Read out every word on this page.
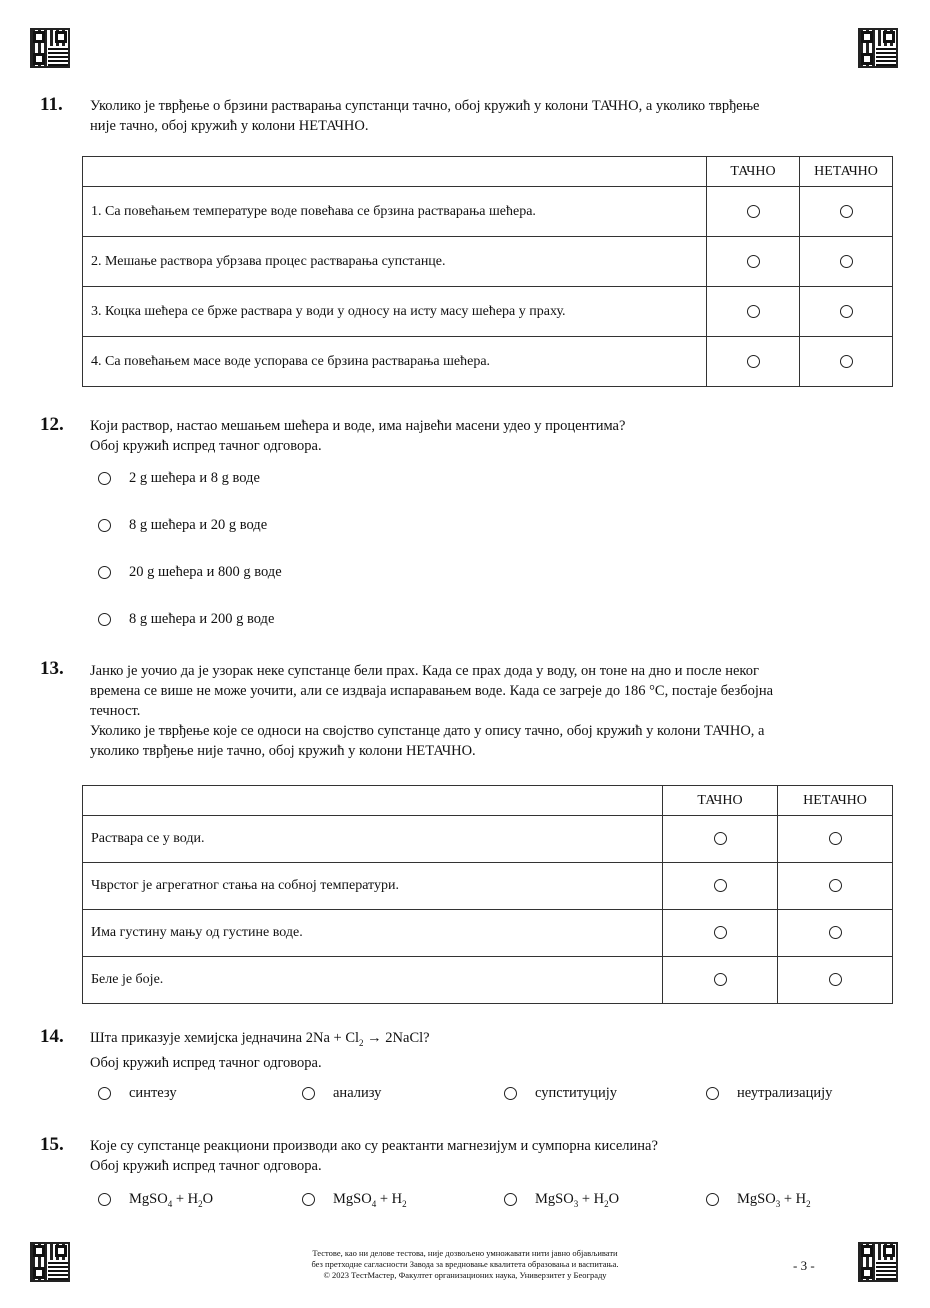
11. Уколико је тврђење о брзини растварања супстанци тачно, обој кружић у колони ТАЧНО, а уколико тврђење
није тачно, обој кружић у колони НЕТАЧНО.
	ТАЧНО	НЕТАЧНО
1. Са повећањем температуре воде повећава се брзина растварања шећера.		
2. Мешање раствора убрзава процес растварања супстанце.		
3. Коцка шећера се брже раствара у води у односу на исту масу шећера у праху.		
4. Са повећањем масе воде успорава се брзина растварања шећера.		
12. Који раствор, настао мешањем шећера и воде, има највећи масени удео у процентима?
Обој кружић испред тачног одговора.
2 g шећера и 8 g воде
8 g шећера и 20 g воде
20 g шећера и 800 g воде
8 g шећера и 200 g воде
13. Јанко је уочио да је узорак неке супстанце бели прах. Када се прах дода у воду, он тоне на дно и после неког
времена се више не може уочити, али се издваја испаравањем воде. Када се загреје до 186 °C, постаје безбојна
течност.
Уколико је тврђење које се односи на својство супстанце дато у опису тачно, обој кружић у колони ТАЧНО, а
уколико тврђење није тачно, обој кружић у колони НЕТАЧНО.
	ТАЧНО	НЕТАЧНО
Раствара се у води.		
Чврстог је агрегатног стања на собној температури.		
Има густину мању од густине воде.		
Беле је боје.		
14. Шта приказује хемијска једначина $2Na + Cl_2$ → 2NaCl?
Обој кружић испред тачног одговора.
синтезу	анализу	супституцију	неутрализацију
15. Које су супстанце реакциони производи ако су реактанти магнезијум и сумпорна киселина?
Обој кружић испред тачног одговора.
MgSO$_4$ + $H_2O$	MgSO$_4$ + $H_2$	MgSO$_3$ + $H_2O$	MgSO$_3$ + $H_2$
Тестове, као ни делове тестова, није дозвољено умножавати нити јавно објављивати
без претходне сагласности Завода за вредновање квалитета образовања и васпитања.
© 2023 ТестМастер, Факултет организационих наука, Универзитет у Београду
- 3 -
